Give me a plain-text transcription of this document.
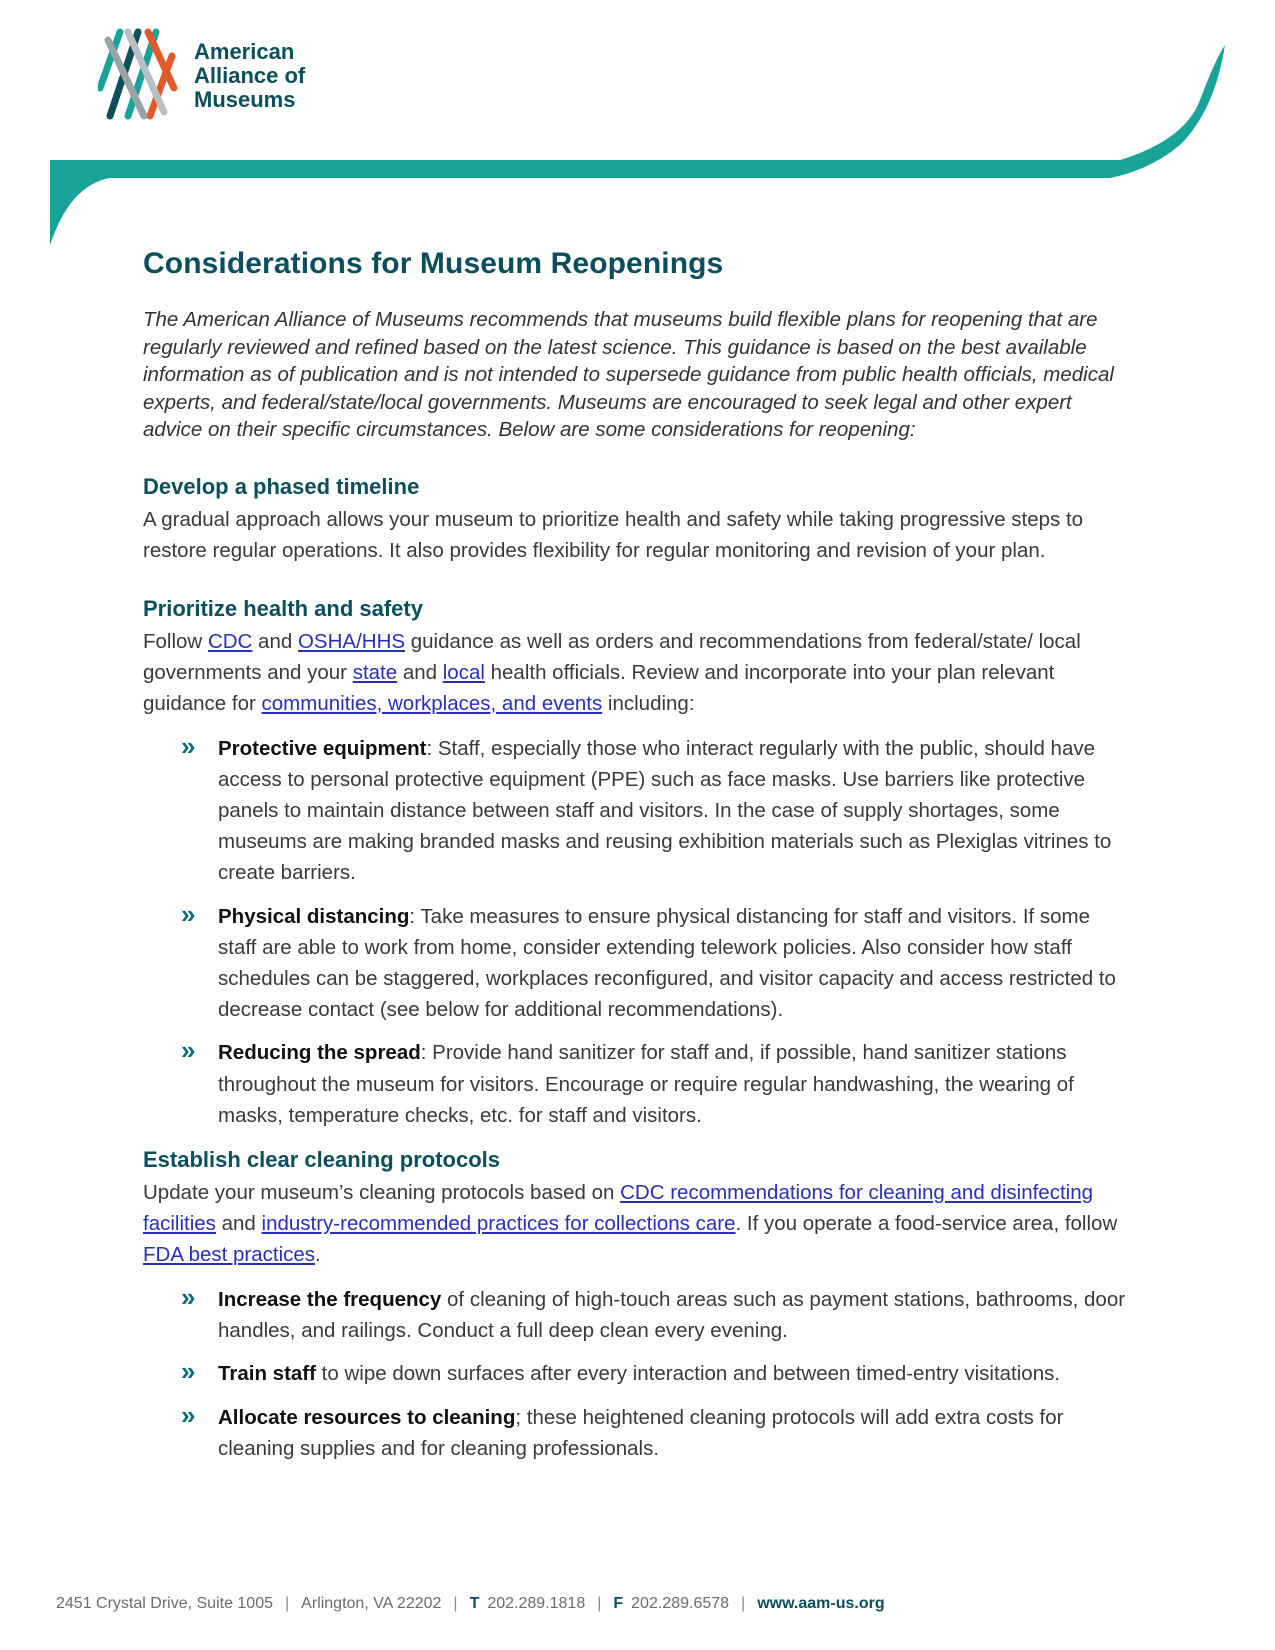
American
Alliance of
Museums
Considerations for Museum Reopenings

The American Alliance of Museums recommends that museums build flexible plans for reopening that are regularly reviewed and refined based on the latest science. This guidance is based on the best available information as of publication and is not intended to supersede guidance from public health officials, medical experts, and federal/state/local governments. Museums are encouraged to seek legal and other expert advice on their specific circumstances. Below are some considerations for reopening:

Develop a phased timeline

A gradual approach allows your museum to prioritize health and safety while taking progressive steps to restore regular operations. It also provides flexibility for regular monitoring and revision of your plan.

Prioritize health and safety

Follow CDC and OSHA/HHS guidance as well as orders and recommendations from federal/state/ local governments and your state and local health officials. Review and incorporate into your plan relevant guidance for communities, workplaces, and events including:

» Protective equipment: Staff, especially those who interact regularly with the public, should have access to personal protective equipment (PPE) such as face masks. Use barriers like protective panels to maintain distance between staff and visitors. In the case of supply shortages, some museums are making branded masks and reusing exhibition materials such as Plexiglas vitrines to create barriers.
» Physical distancing: Take measures to ensure physical distancing for staff and visitors. If some staff are able to work from home, consider extending telework policies. Also consider how staff schedules can be staggered, workplaces reconfigured, and visitor capacity and access restricted to decrease contact (see below for additional recommendations).
» Reducing the spread: Provide hand sanitizer for staff and, if possible, hand sanitizer stations throughout the museum for visitors. Encourage or require regular handwashing, the wearing of masks, temperature checks, etc. for staff and visitors.
Establish clear cleaning protocols

Update your museum’s cleaning protocols based on CDC recommendations for cleaning and disinfecting facilities and industry-recommended practices for collections care. If you operate a food-service area, follow FDA best practices.

» Increase the frequency of cleaning of high-touch areas such as payment stations, bathrooms, door handles, and railings. Conduct a full deep clean every evening.
» Train staff to wipe down surfaces after every interaction and between timed-entry visitations.
» Allocate resources to cleaning; these heightened cleaning protocols will add extra costs for cleaning supplies and for cleaning professionals.
2451 Crystal Drive, Suite 1005 | Arlington, VA 22202 | T 202.289.1818 | F 202.289.6578 | www.aam-us.org
